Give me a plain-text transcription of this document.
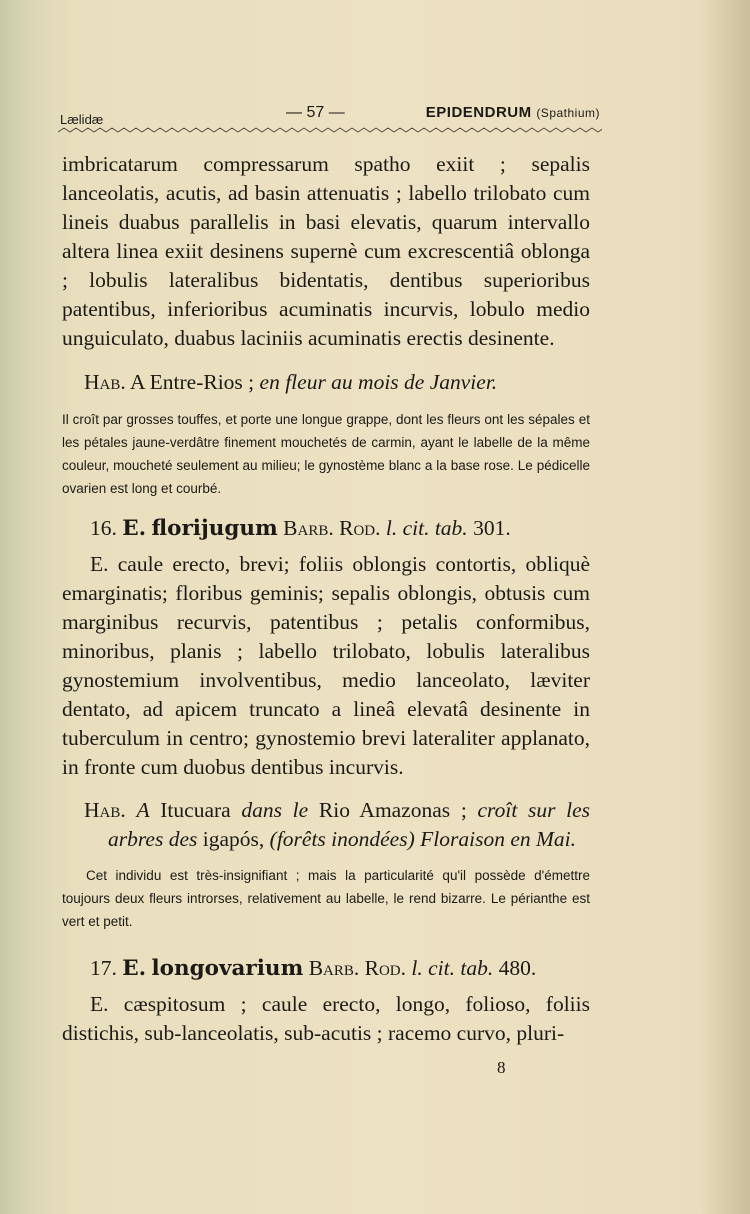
Lælidæ	— 57 —	EPIDENDRUM (Spathium)

imbricatarum compressarum spatho exiit ; sepalis lanceolatis, acutis, ad basin attenuatis ; labello trilobato cum lineis duabus parallelis in basi elevatis, quarum intervallo altera linea exiit desinens supernè cum excrescentiâ oblonga ; lobulis lateralibus bidentatis, dentibus superioribus patentibus, inferioribus acuminatis incurvis, lobulo medio unguiculato, duabus laciniis acuminatis erectis desinente.

Hab. A Entre-Rios ; en fleur au mois de Janvier.

Il croît par grosses touffes, et porte une longue grappe, dont les fleurs ont les sépales et les pétales jaune-verdâtre finement mouchetés de carmin, ayant le labelle de la même couleur, moucheté seulement au milieu; le gynostème blanc a la base rose. Le pédicelle ovarien est long et courbé.

16. E. florijugum Barb. Rod. l. cit. tab. 301.

E. caule erecto, brevi; foliis oblongis contortis, obliquè emarginatis; floribus geminis; sepalis oblongis, obtusis cum marginibus recurvis, patentibus ; petalis conformibus, minoribus, planis ; labello trilobato, lobulis lateralibus gynostemium involventibus, medio lanceolato, læviter dentato, ad apicem truncato a lineâ elevatâ desinente in tuberculum in centro; gynostemio brevi lateraliter applanato, in fronte cum duobus dentibus incurvis.

Hab. A Itucuara dans le Rio Amazonas ; croît sur les arbres des igapós, (forêts inondées) Floraison en Mai.

Cet individu est très-insignifiant ; mais la particularité qu'il possède d'émettre toujours deux fleurs introrses, relativement au labelle, le rend bizarre. Le périanthe est vert et petit.

17. E. longovarium Barb. Rod. l. cit. tab. 480.

E. cæspitosum ; caule erecto, longo, folioso, foliis distichis, sub-lanceolatis, sub-acutis ; racemo curvo, pluri-

8
